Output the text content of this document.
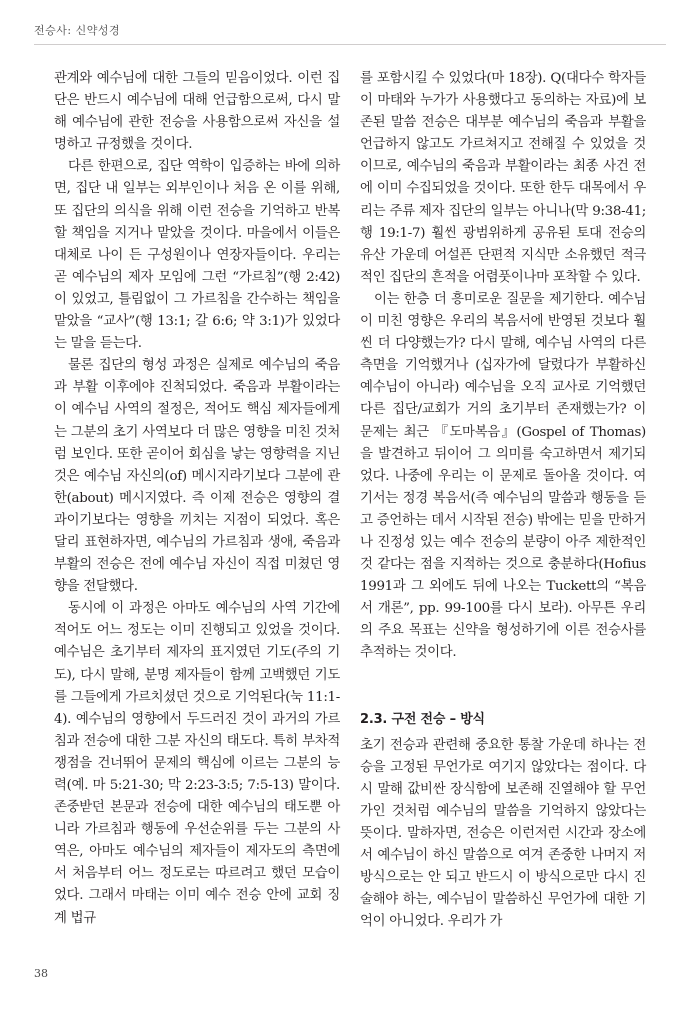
전승사: 신약성경

관계와 예수님에 대한 그들의 믿음이었다. 이런 집단은 반드시 예수님에 대해 언급함으로써, 다시 말해 예수님에 관한 전승을 사용함으로써 자신을 설명하고 규정했을 것이다.

다른 한편으로, 집단 역학이 입증하는 바에 의하면, 집단 내 일부는 외부인이나 처음 온 이를 위해, 또 집단의 의식을 위해 이런 전승을 기억하고 반복할 책임을 지거나 맡았을 것이다. 마을에서 이들은 대체로 나이 든 구성원이나 연장자들이다. 우리는 곧 예수님의 제자 모임에 그런 “가르침”(행 2:42)이 있었고, 틀림없이 그 가르침을 간수하는 책임을 맡았을 “교사”(행 13:1; 갈 6:6; 약 3:1)가 있었다는 말을 듣는다.

물론 집단의 형성 과정은 실제로 예수님의 죽음과 부활 이후에야 진척되었다. 죽음과 부활이라는 이 예수님 사역의 절정은, 적어도 핵심 제자들에게는 그분의 초기 사역보다 더 많은 영향을 미친 것처럼 보인다. 또한 곧이어 회심을 낳는 영향력을 지닌 것은 예수님 자신의(of) 메시지라기보다 그분에 관한(about) 메시지였다. 즉 이제 전승은 영향의 결과이기보다는 영향을 끼치는 지점이 되었다. 혹은 달리 표현하자면, 예수님의 가르침과 생애, 죽음과 부활의 전승은 전에 예수님 자신이 직접 미쳤던 영향을 전달했다.

동시에 이 과정은 아마도 예수님의 사역 기간에 적어도 어느 정도는 이미 진행되고 있었을 것이다. 예수님은 초기부터 제자의 표지였던 기도(주의 기도), 다시 말해, 분명 제자들이 함께 고백했던 기도를 그들에게 가르치셨던 것으로 기억된다(눅 11:1-4). 예수님의 영향에서 두드러진 것이 과거의 가르침과 전승에 대한 그분 자신의 태도다. 특히 부차적 쟁점을 건너뛰어 문제의 핵심에 이르는 그분의 능력(예. 마 5:21-30; 막 2:23-3:5; 7:5-13) 말이다. 존중받던 본문과 전승에 대한 예수님의 태도뿐 아니라 가르침과 행동에 우선순위를 두는 그분의 사역은, 아마도 예수님의 제자들이 제자도의 측면에서 처음부터 어느 정도로는 따르려고 했던 모습이었다. 그래서 마태는 이미 예수 전승 안에 교회 징계 법규

를 포함시킬 수 있었다(마 18장). Q(대다수 학자들이 마태와 누가가 사용했다고 동의하는 자료)에 보존된 말씀 전승은 대부분 예수님의 죽음과 부활을 언급하지 않고도 가르쳐지고 전해질 수 있었을 것이므로, 예수님의 죽음과 부활이라는 최종 사건 전에 이미 수집되었을 것이다. 또한 한두 대목에서 우리는 주류 제자 집단의 일부는 아니나(막 9:38-41; 행 19:1-7) 훨씬 광범위하게 공유된 토대 전승의 유산 가운데 어설픈 단편적 지식만 소유했던 적극적인 집단의 흔적을 어렴풋이나마 포착할 수 있다.

이는 한층 더 흥미로운 질문을 제기한다. 예수님이 미친 영향은 우리의 복음서에 반영된 것보다 훨씬 더 다양했는가? 다시 말해, 예수님 사역의 다른 측면을 기억했거나 (십자가에 달렸다가 부활하신 예수님이 아니라) 예수님을 오직 교사로 기억했던 다른 집단/교회가 거의 초기부터 존재했는가? 이 문제는 최근 『도마복음』(Gospel of Thomas)을 발견하고 뒤이어 그 의미를 숙고하면서 제기되었다. 나중에 우리는 이 문제로 돌아올 것이다. 여기서는 정경 복음서(즉 예수님의 말씀과 행동을 듣고 증언하는 데서 시작된 전승) 밖에는 믿을 만하거나 진정성 있는 예수 전승의 분량이 아주 제한적인 것 같다는 점을 지적하는 것으로 충분하다(Hofius 1991과 그 외에도 뒤에 나오는 Tuckett의 “복음서 개론”, pp. 99-100를 다시 보라). 아무튼 우리의 주요 목표는 신약을 형성하기에 이른 전승사를 추적하는 것이다.

2.3. 구전 전승 – 방식

초기 전승과 관련해 중요한 통찰 가운데 하나는 전승을 고정된 무언가로 여기지 않았다는 점이다. 다시 말해 값비싼 장식함에 보존해 진열해야 할 무언가인 것처럼 예수님의 말씀을 기억하지 않았다는 뜻이다. 말하자면, 전승은 이런저런 시간과 장소에서 예수님이 하신 말씀으로 여겨 존중한 나머지 저 방식으로는 안 되고 반드시 이 방식으로만 다시 진술해야 하는, 예수님이 말씀하신 무언가에 대한 기억이 아니었다. 우리가 가

38
